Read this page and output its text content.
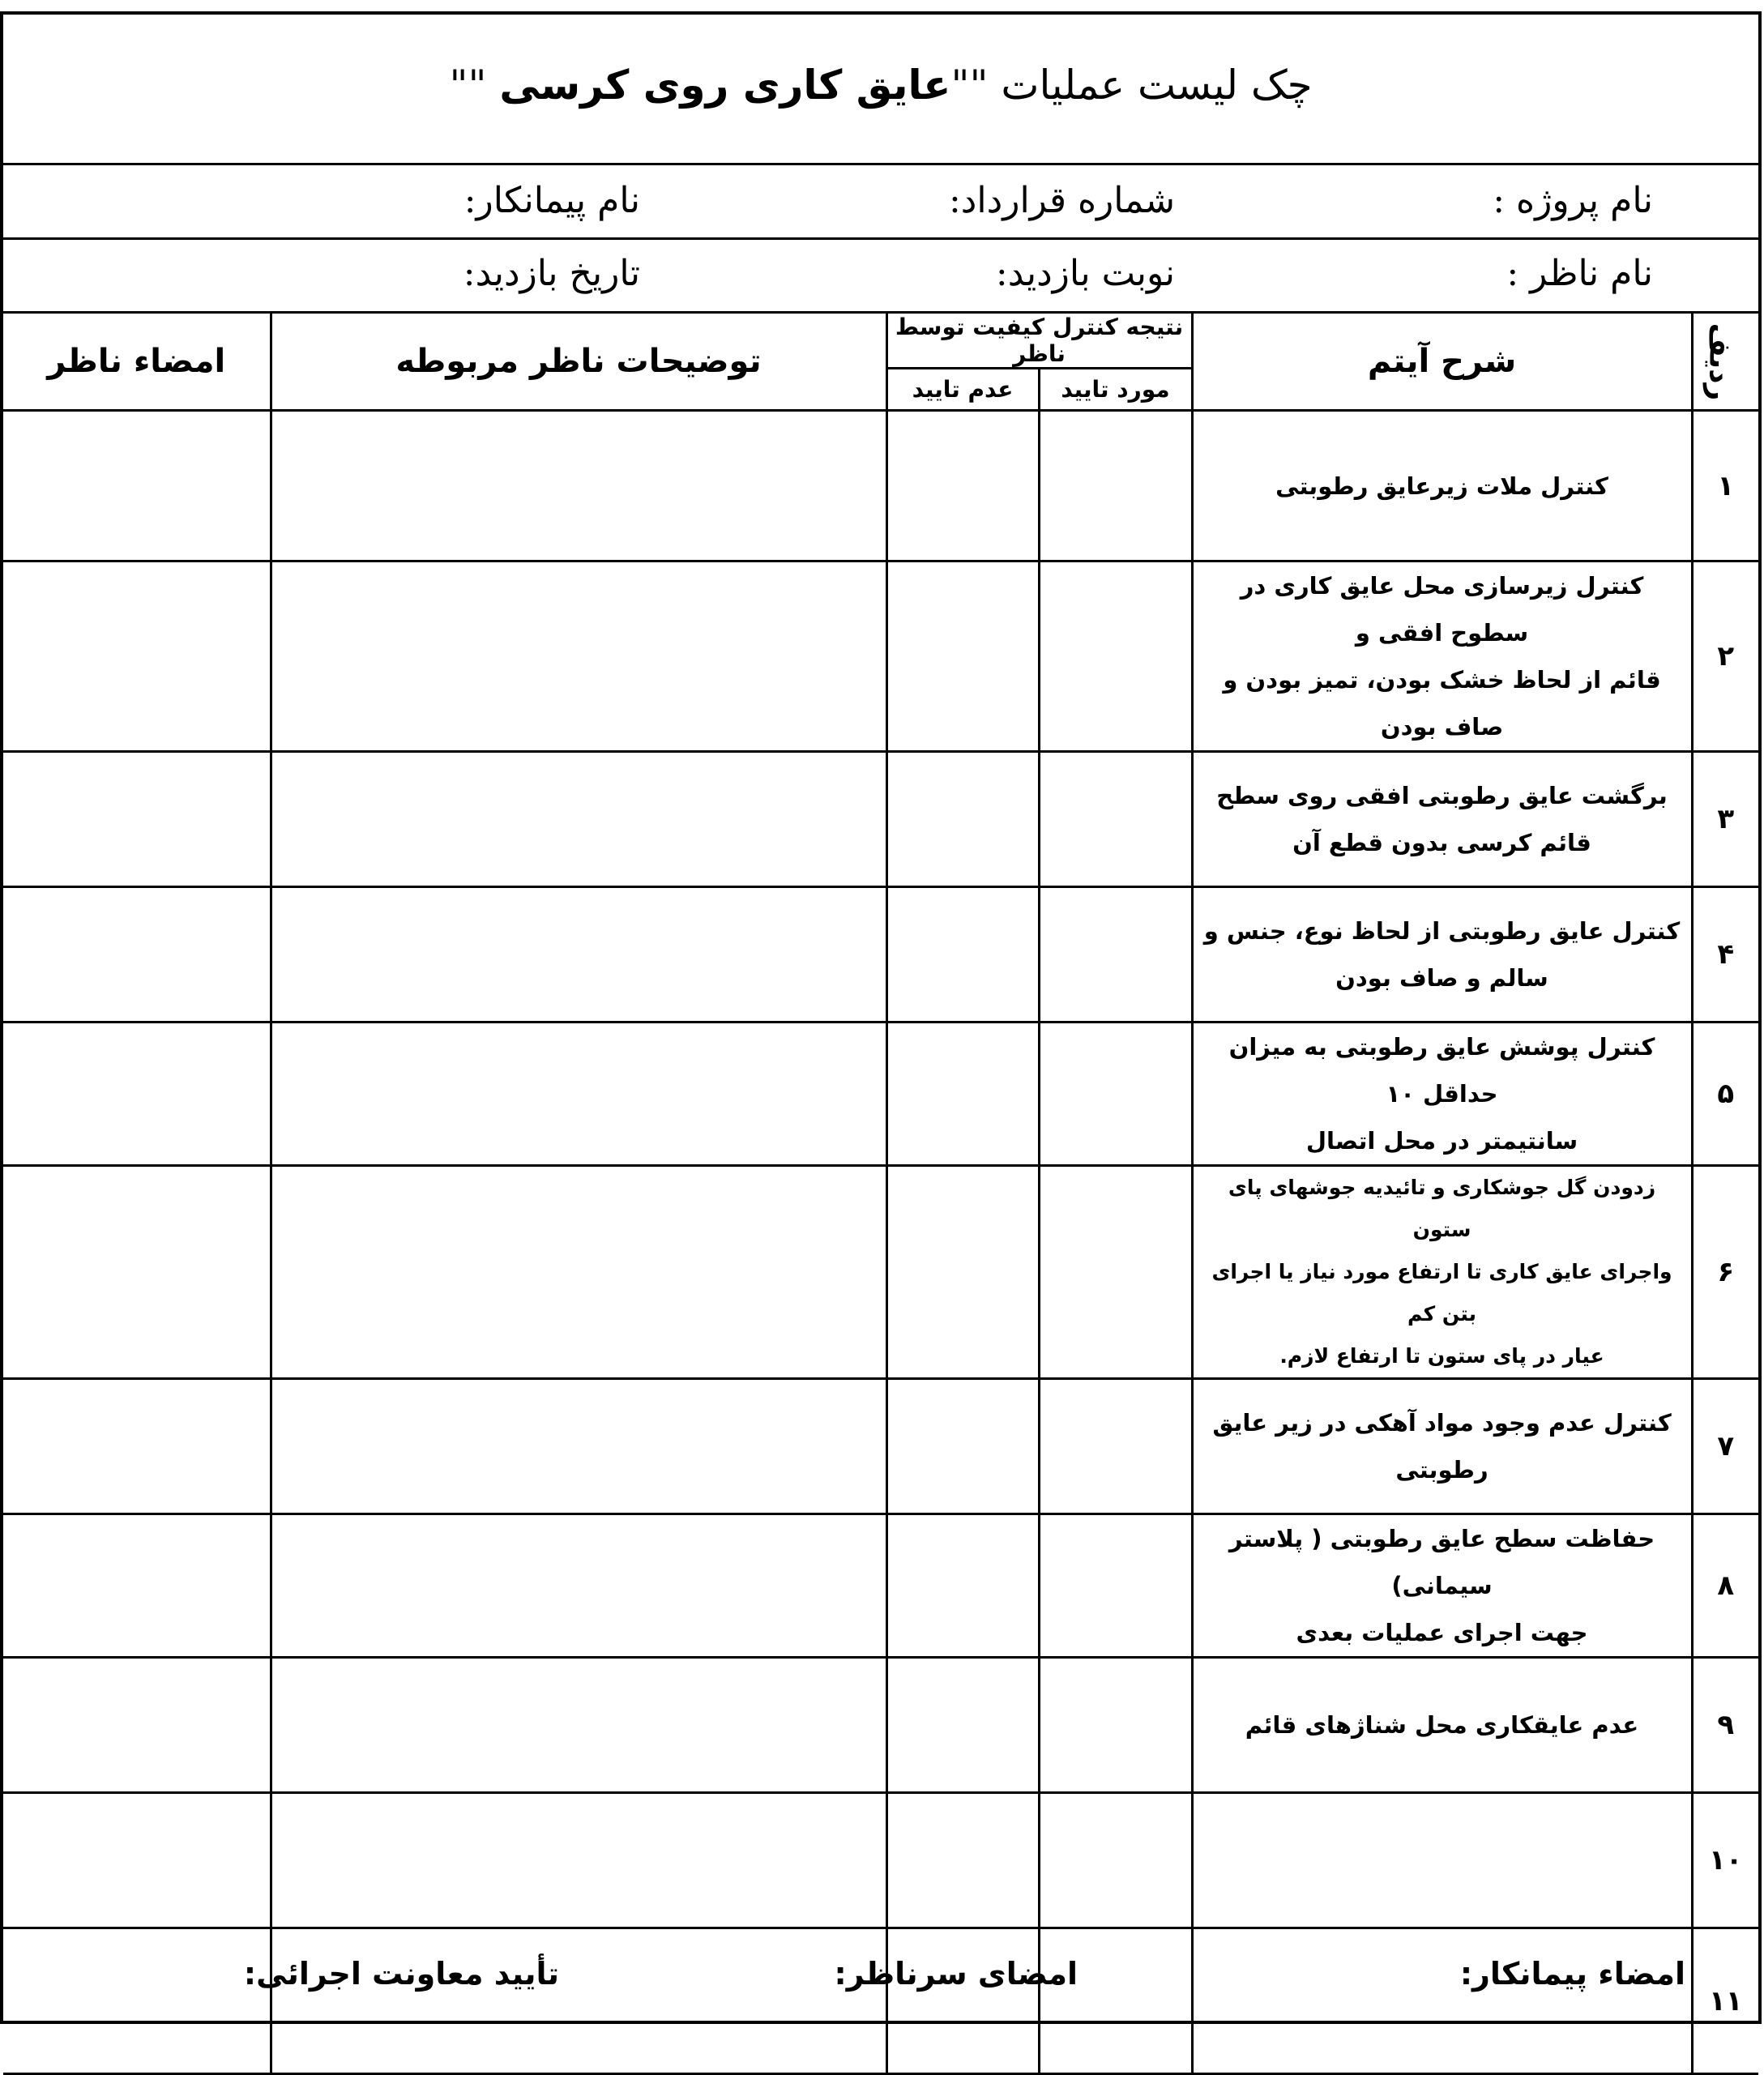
چک لیست عملیات ""عایق کاری روی کرسی ""
نام پروژه :
شماره قرارداد:
نام پیمانکار:
نام ناظر :
نوبت بازدید:
تاریخ بازدید:
ردیف	شرح آیتم	نتیجه کنترل کیفیت توسط ناظر		توضیحات ناظر مربوطه	امضاء ناظر
		مورد تایید	عدم تایید		
۱	کنترل ملات زیرعایق رطوبتی				
۲	کنترل زیرسازی محل عایق کاری در سطوح افقی و
قائم از لحاظ خشک بودن، تمیز بودن و صاف بودن				
۳	برگشت عایق رطوبتی افقی روی سطح
قائم کرسی بدون قطع آن				
۴	کنترل عایق رطوبتی از لحاظ نوع، جنس و
سالم و صاف بودن				
۵	کنترل پوشش عایق رطوبتی به میزان حداقل ۱۰
سانتیمتر در محل اتصال				
۶	زدودن گل جوشکاری و تائیدیه جوشهای پای ستون
واجرای عایق کاری تا ارتفاع مورد نیاز یا اجرای بتن کم
عیار در پای ستون تا ارتفاع لازم.				
۷	کنترل عدم وجود مواد آهکی در زیر عایق رطوبتی				
۸	حفاظت سطح عایق رطوبتی ( پلاستر سیمانی)
جهت اجرای عملیات بعدی				
۹	عدم عایقکاری محل شناژهای قائم				
۱۰					
۱۱					
امضاء پیمانکار:
امضای سرناظر:
تأیید معاونت اجرائی:
